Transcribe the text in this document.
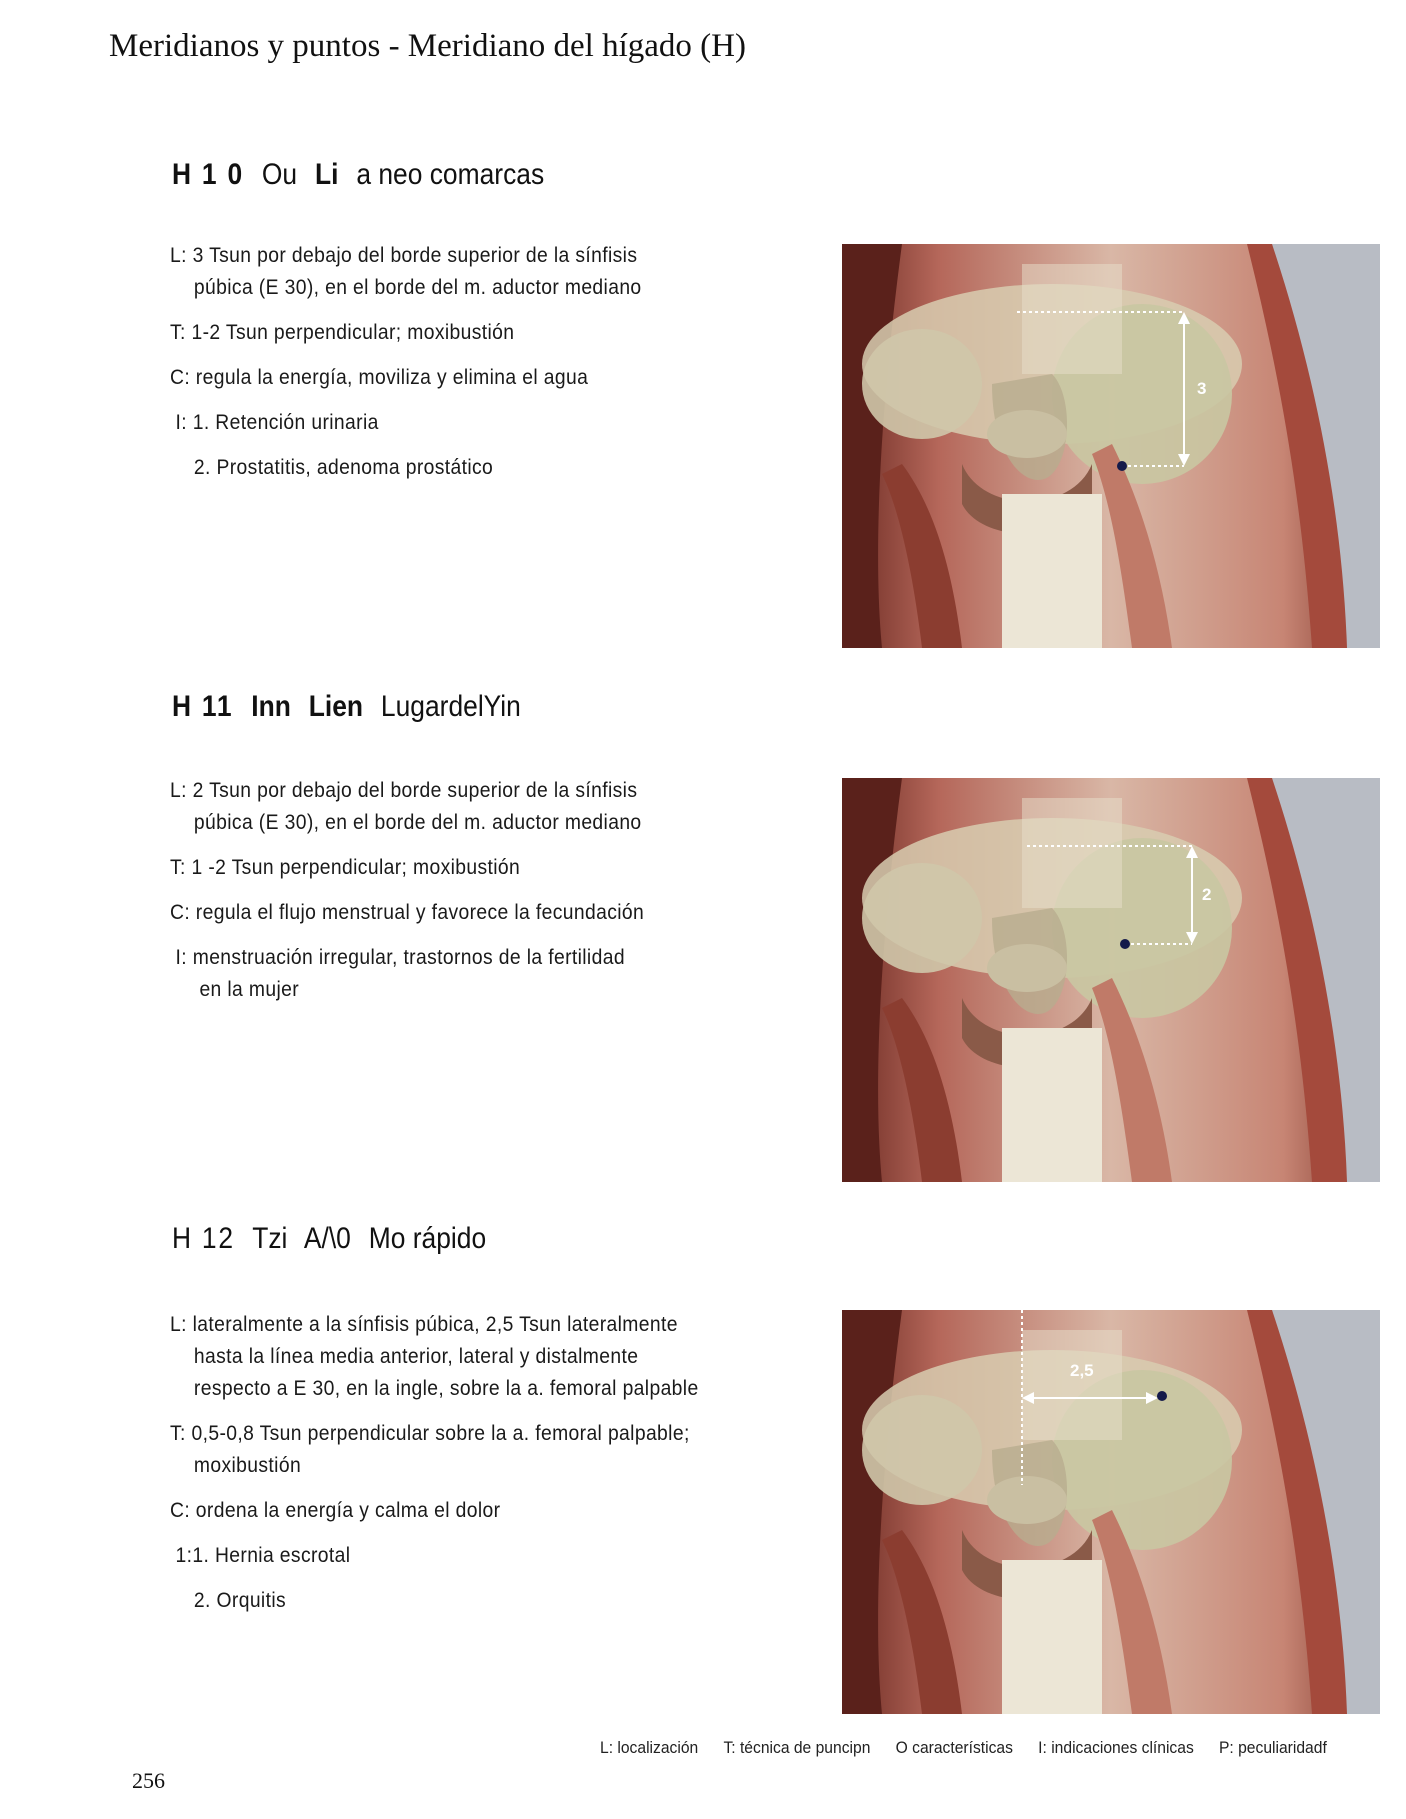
Meridianos y puntos - Meridiano del hígado (H)
H 1 0 Ou Li a neo comarcas

L: 3 Tsun por debajo del borde superior de la sínfisis
púbica (E 30), en el borde del m. aductor mediano

T: 1-2 Tsun perpendicular; moxibustión

C: regula la energía, moviliza y elimina el agua

I: 1. Retención urinaria

2. Prostatitis, adenoma prostático

3
H 11 Inn Lien LugardelYin

L: 2 Tsun por debajo del borde superior de la sínfisis
púbica (E 30), en el borde del m. aductor mediano

T: 1 -2 Tsun perpendicular; moxibustión

C: regula el flujo menstrual y favorece la fecundación

I: menstruación irregular, trastornos de la fertilidad
en la mujer

2
H 12 Tzi A/\0 Mo rápido

L: lateralmente a la sínfisis púbica, 2,5 Tsun lateralmente
hasta la línea media anterior, lateral y distalmente
respecto a E 30, en la ingle, sobre la a. femoral palpable

T: 0,5-0,8 Tsun perpendicular sobre la a. femoral palpable;
moxibustión

C: ordena la energía y calma el dolor

1:1. Hernia escrotal

2. Orquitis

2,5
L: localización T: técnica de puncipn O características I: indicaciones clínicas P: peculiaridadf
256
